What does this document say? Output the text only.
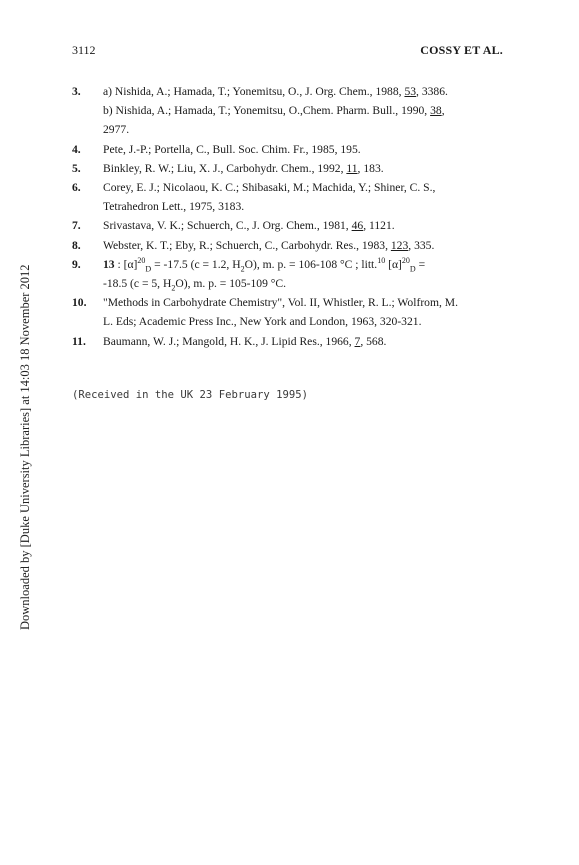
3112	COSSY ET AL.
Downloaded by [Duke University Libraries] at 14:03 18 November 2012
3. a) Nishida, A.; Hamada, T.; Yonemitsu, O., J. Org. Chem., 1988, 53, 3386.
b) Nishida, A.; Hamada, T.; Yonemitsu, O.,Chem. Pharm. Bull., 1990, 38,
2977.
4. Pete, J.-P.; Portella, C., Bull. Soc. Chim. Fr., 1985, 195.
5. Binkley, R. W.; Liu, X. J., Carbohydr. Chem., 1992, 11, 183.
6. Corey, E. J.; Nicolaou, K. C.; Shibasaki, M.; Machida, Y.; Shiner, C. S.,
Tetrahedron Lett., 1975, 3183.
7. Srivastava, V. K.; Schuerch, C., J. Org. Chem., 1981, 46, 1121.
8. Webster, K. T.; Eby, R.; Schuerch, C., Carbohydr. Res., 1983, 123, 335.
9. 13 : $[\alpha]^{20}_D = -17.5$ (c = 1.2, $H_2O$), m. p. = 106-108 °C ; litt.$^{10}$ $[\alpha]^{20}_D$ =
-18.5 (c = 5, $H_2O$), m. p. = 105-109 °C.
10. "Methods in Carbohydrate Chemistry", Vol. II, Whistler, R. L.; Wolfrom, M.
L. Eds; Academic Press Inc., New York and London, 1963, 320-321.
11. Baumann, W. J.; Mangold, H. K., J. Lipid Res., 1966, 7, 568.
(Received in the UK 23 February 1995)
